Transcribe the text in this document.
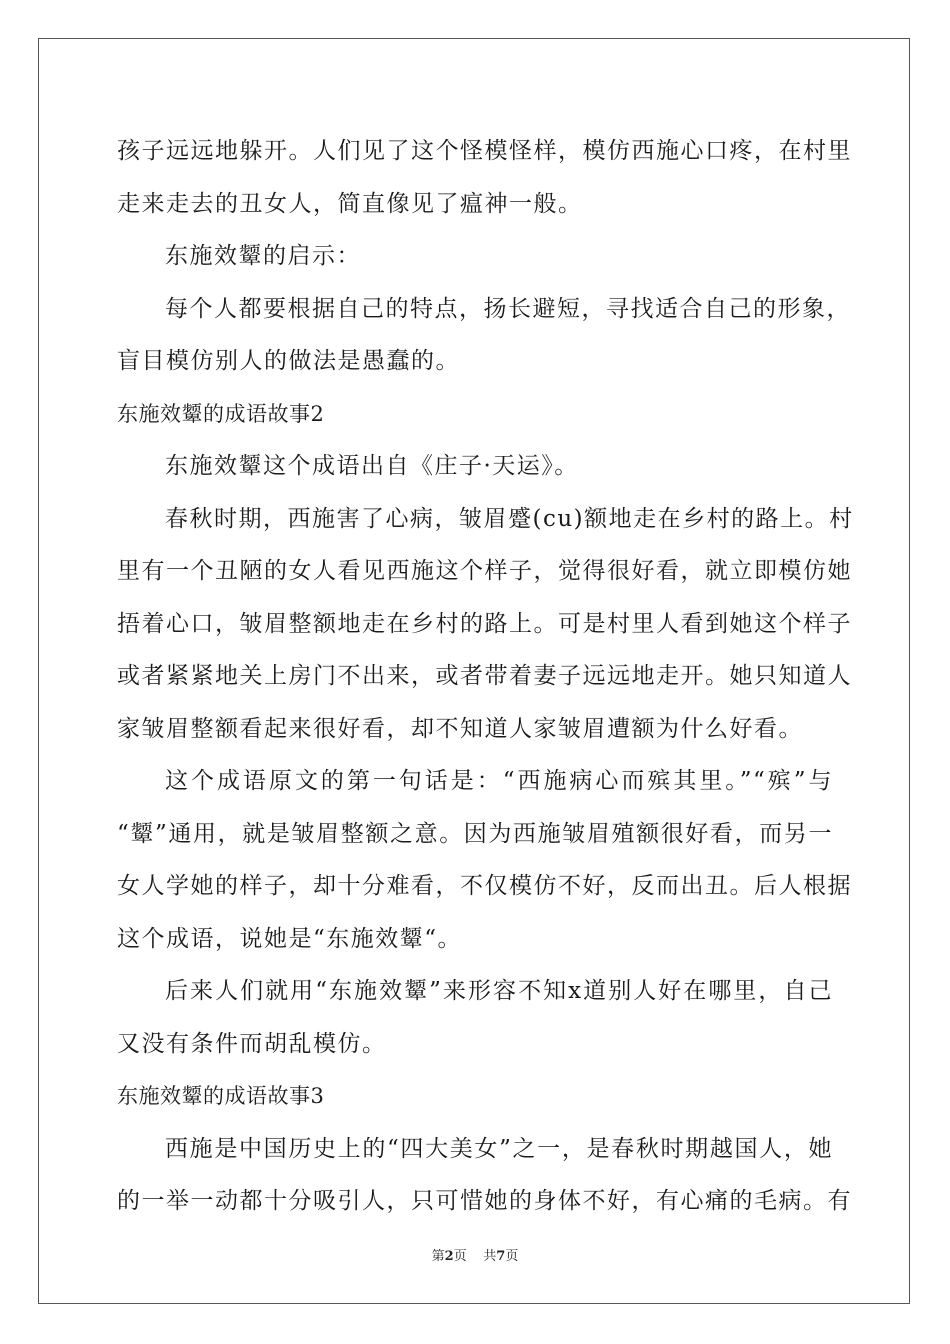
孩子远远地躲开。人们见了这个怪模怪样，模仿西施心口疼，在村里
走来走去的丑女人，简直像见了瘟神一般。
东施效颦的启示：
每个人都要根据自己的特点，扬长避短，寻找适合自己的形象，
盲目模仿别人的做法是愚蠢的。
东施效颦的成语故事2
东施效颦这个成语出自《庄子·天运》。
春秋时期，西施害了心病，皱眉蹙(cu)额地走在乡村的路上。村
里有一个丑陋的女人看见西施这个样子，觉得很好看，就立即模仿她
捂着心口，皱眉整额地走在乡村的路上。可是村里人看到她这个样子
或者紧紧地关上房门不出来，或者带着妻子远远地走开。她只知道人
家皱眉整额看起来很好看，却不知道人家皱眉遭额为什么好看。
这个成语原文的第一句话是：“西施病心而殡其里。”“殡”与
“颦”通用，就是皱眉整额之意。因为西施皱眉殖额很好看，而另一
女人学她的样子，却十分难看，不仅模仿不好，反而出丑。后人根据
这个成语，说她是“东施效颦“。
后来人们就用“东施效颦”来形容不知x道别人好在哪里，自己
又没有条件而胡乱模仿。
东施效颦的成语故事3
西施是中国历史上的“四大美女”之一，是春秋时期越国人，她
的一举一动都十分吸引人，只可惜她的身体不好，有心痛的毛病。有
第2页 共7页
